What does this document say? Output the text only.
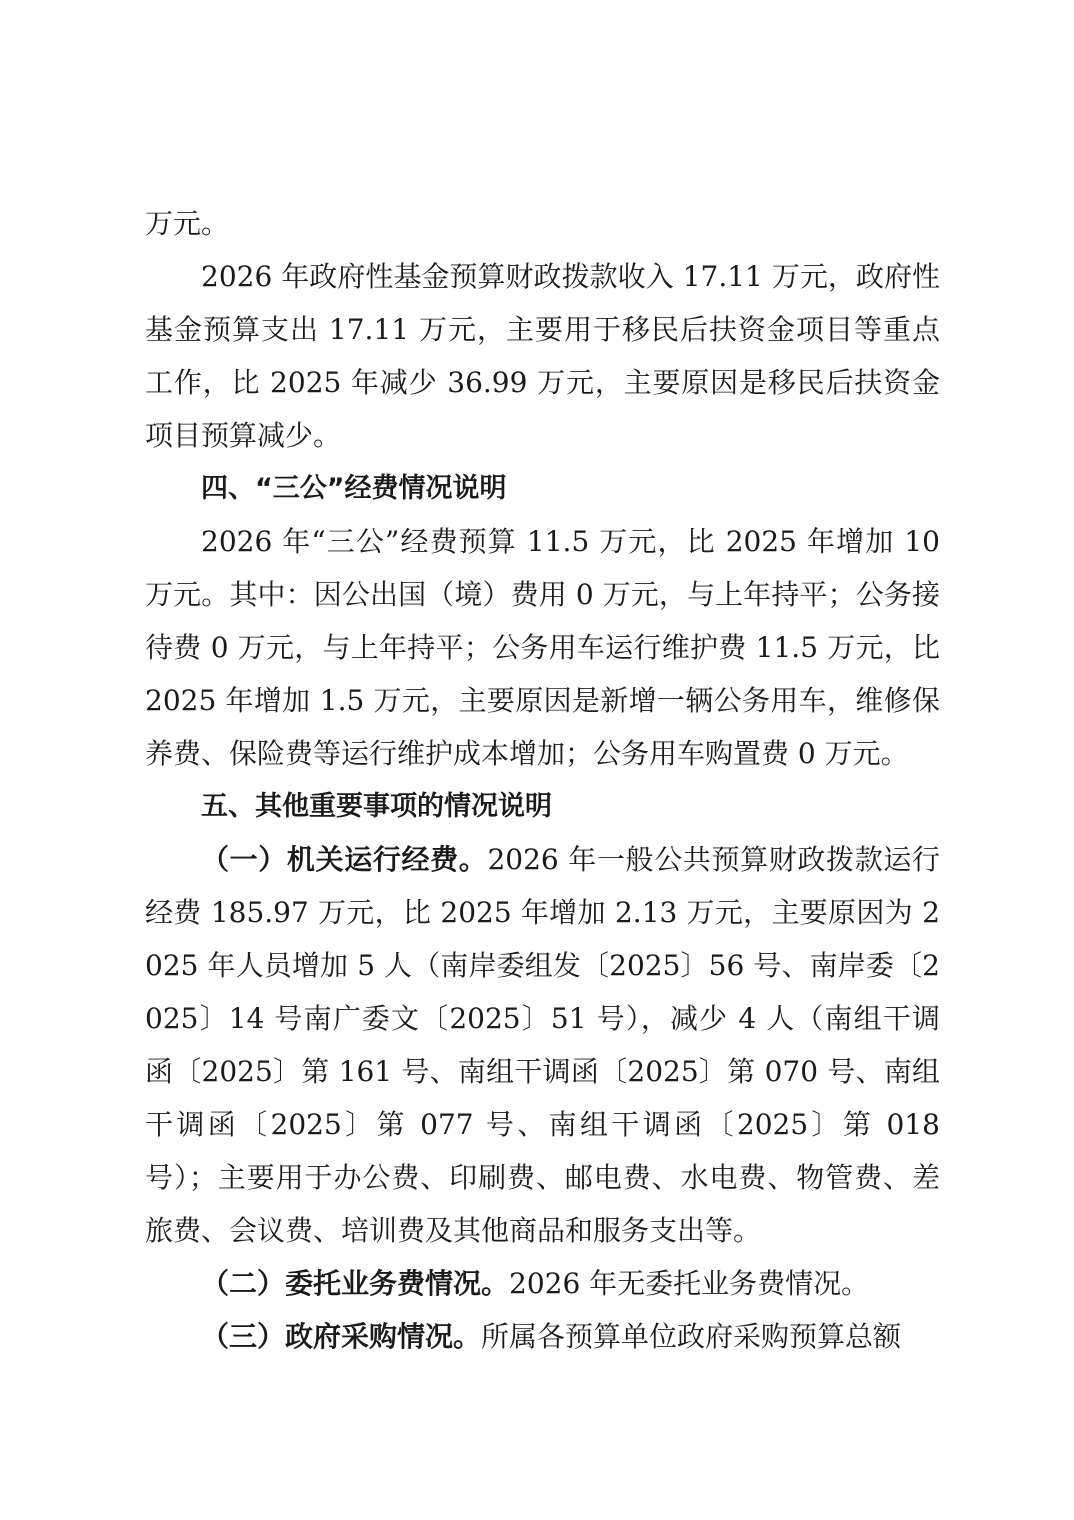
万元。

2026 年政府性基金预算财政拨款收入 17.11 万元，政府性基金预算支出 17.11 万元，主要用于移民后扶资金项目等重点工作，比 2025 年减少 36.99 万元，主要原因是移民后扶资金项目预算减少。

四、“三公”经费情况说明

2026 年“三公”经费预算 11.5 万元，比 2025 年增加 10 万元。其中：因公出国（境）费用 0 万元，与上年持平；公务接待费 0 万元，与上年持平；公务用车运行维护费 11.5 万元，比 2025 年增加 1.5 万元，主要原因是新增一辆公务用车，维修保养费、保险费等运行维护成本增加；公务用车购置费 0 万元。

五、其他重要事项的情况说明

（一）机关运行经费。2026 年一般公共预算财政拨款运行经费 185.97 万元，比 2025 年增加 2.13 万元，主要原因为 2025 年人员增加 5 人（南岸委组发〔2025〕56 号、南岸委〔2025〕14 号南广委文〔2025〕51 号），减少 4 人（南组干调函〔2025〕第 161 号、南组干调函〔2025〕第 070 号、南组干调函〔2025〕第 077 号、南组干调函〔2025〕第 018 号）；主要用于办公费、印刷费、邮电费、水电费、物管费、差旅费、会议费、培训费及其他商品和服务支出等。

（二）委托业务费情况。2026 年无委托业务费情况。

（三）政府采购情况。所属各预算单位政府采购预算总额
